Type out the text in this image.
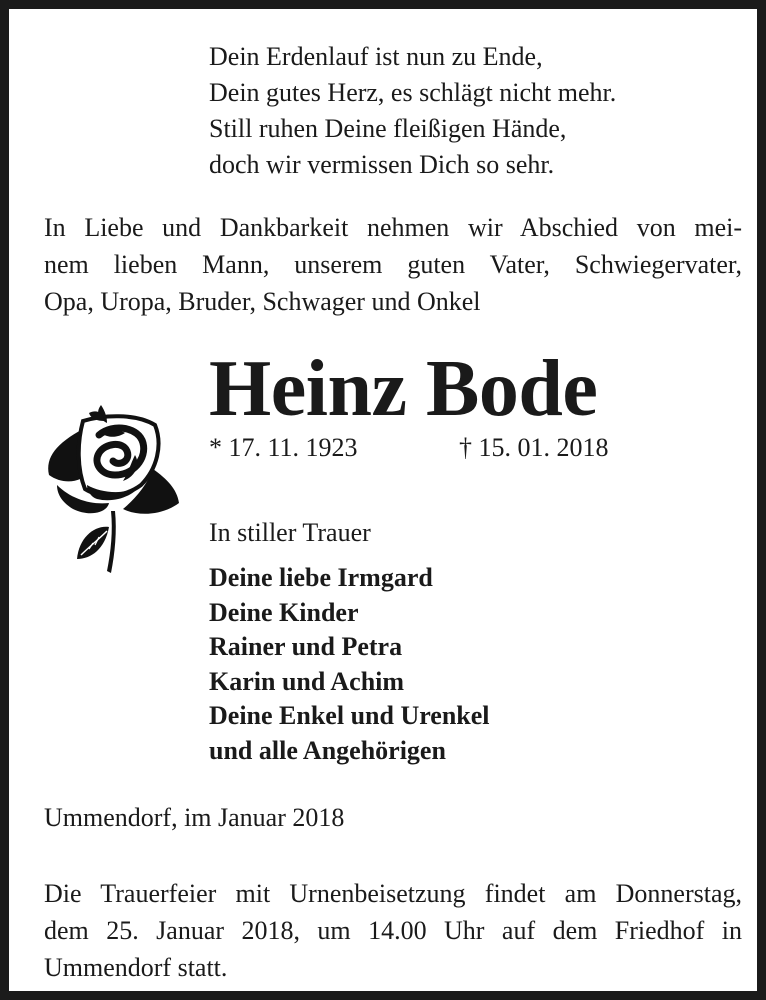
Dein Erdenlauf ist nun zu Ende,
Dein gutes Herz, es schlägt nicht mehr.
Still ruhen Deine fleißigen Hände,
doch wir vermissen Dich so sehr.
In Liebe und Dankbarkeit nehmen wir Abschied von mei-
nem lieben Mann, unserem guten Vater, Schwiegervater,
Opa, Uropa, Bruder, Schwager und Onkel
Heinz Bode
* 17. 11. 1923	† 15. 01. 2018
In stiller Trauer
Deine liebe Irmgard
Deine Kinder
Rainer und Petra
Karin und Achim
Deine Enkel und Urenkel
und alle Angehörigen
Ummendorf, im Januar 2018
Die Trauerfeier mit Urnenbeisetzung findet am Donnerstag,
dem 25. Januar 2018, um 14.00 Uhr auf dem Friedhof in
Ummendorf statt.
